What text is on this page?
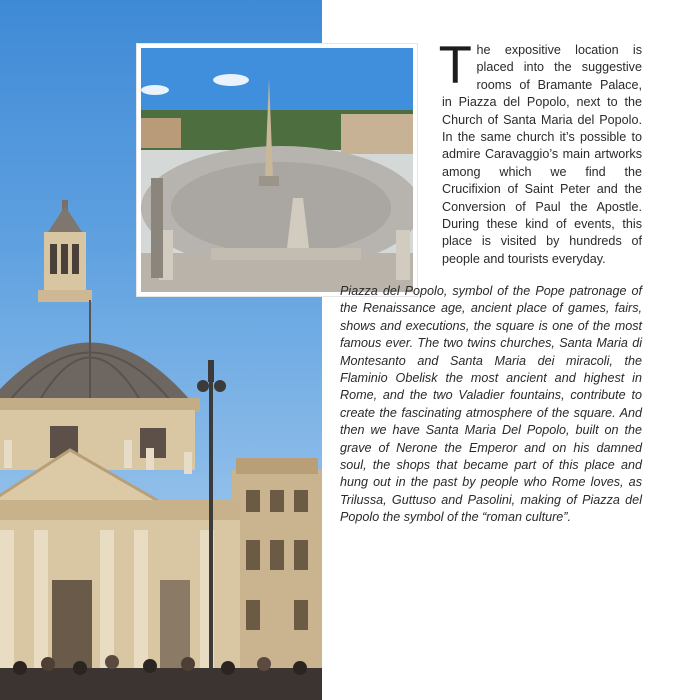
The expositive location is placed into the suggestive rooms of Bramante Palace, in Piazza del Popolo, next to the Church of Santa Maria del Popolo. In the same church it’s possible to admire Caravaggio’s main artworks among which we find the Crucifixion of Saint Peter and the Conversion of Paul the Apostle. During these kind of events, this place is visited by hundreds of people and tourists everyday.

Piazza del Popolo, symbol of the Pope patronage of the Renaissance age, ancient place of games, fairs, shows and executions, the square is one of the most famous ever. The two twins churches, Santa Maria di Montesanto and Santa Maria dei miracoli, the Flaminio Obelisk the most ancient and highest in Rome, and the two Valadier fountains, contribute to create the fascinating atmosphere of the square. And then we have Santa Maria Del Popolo, built on the grave of Nerone the Emperor and on his damned soul, the shops that became part of this place and hung out in the past by people who Rome loves, as Trilussa, Guttuso and Pasolini, making of Piazza del Popolo the symbol of the “roman culture”.
